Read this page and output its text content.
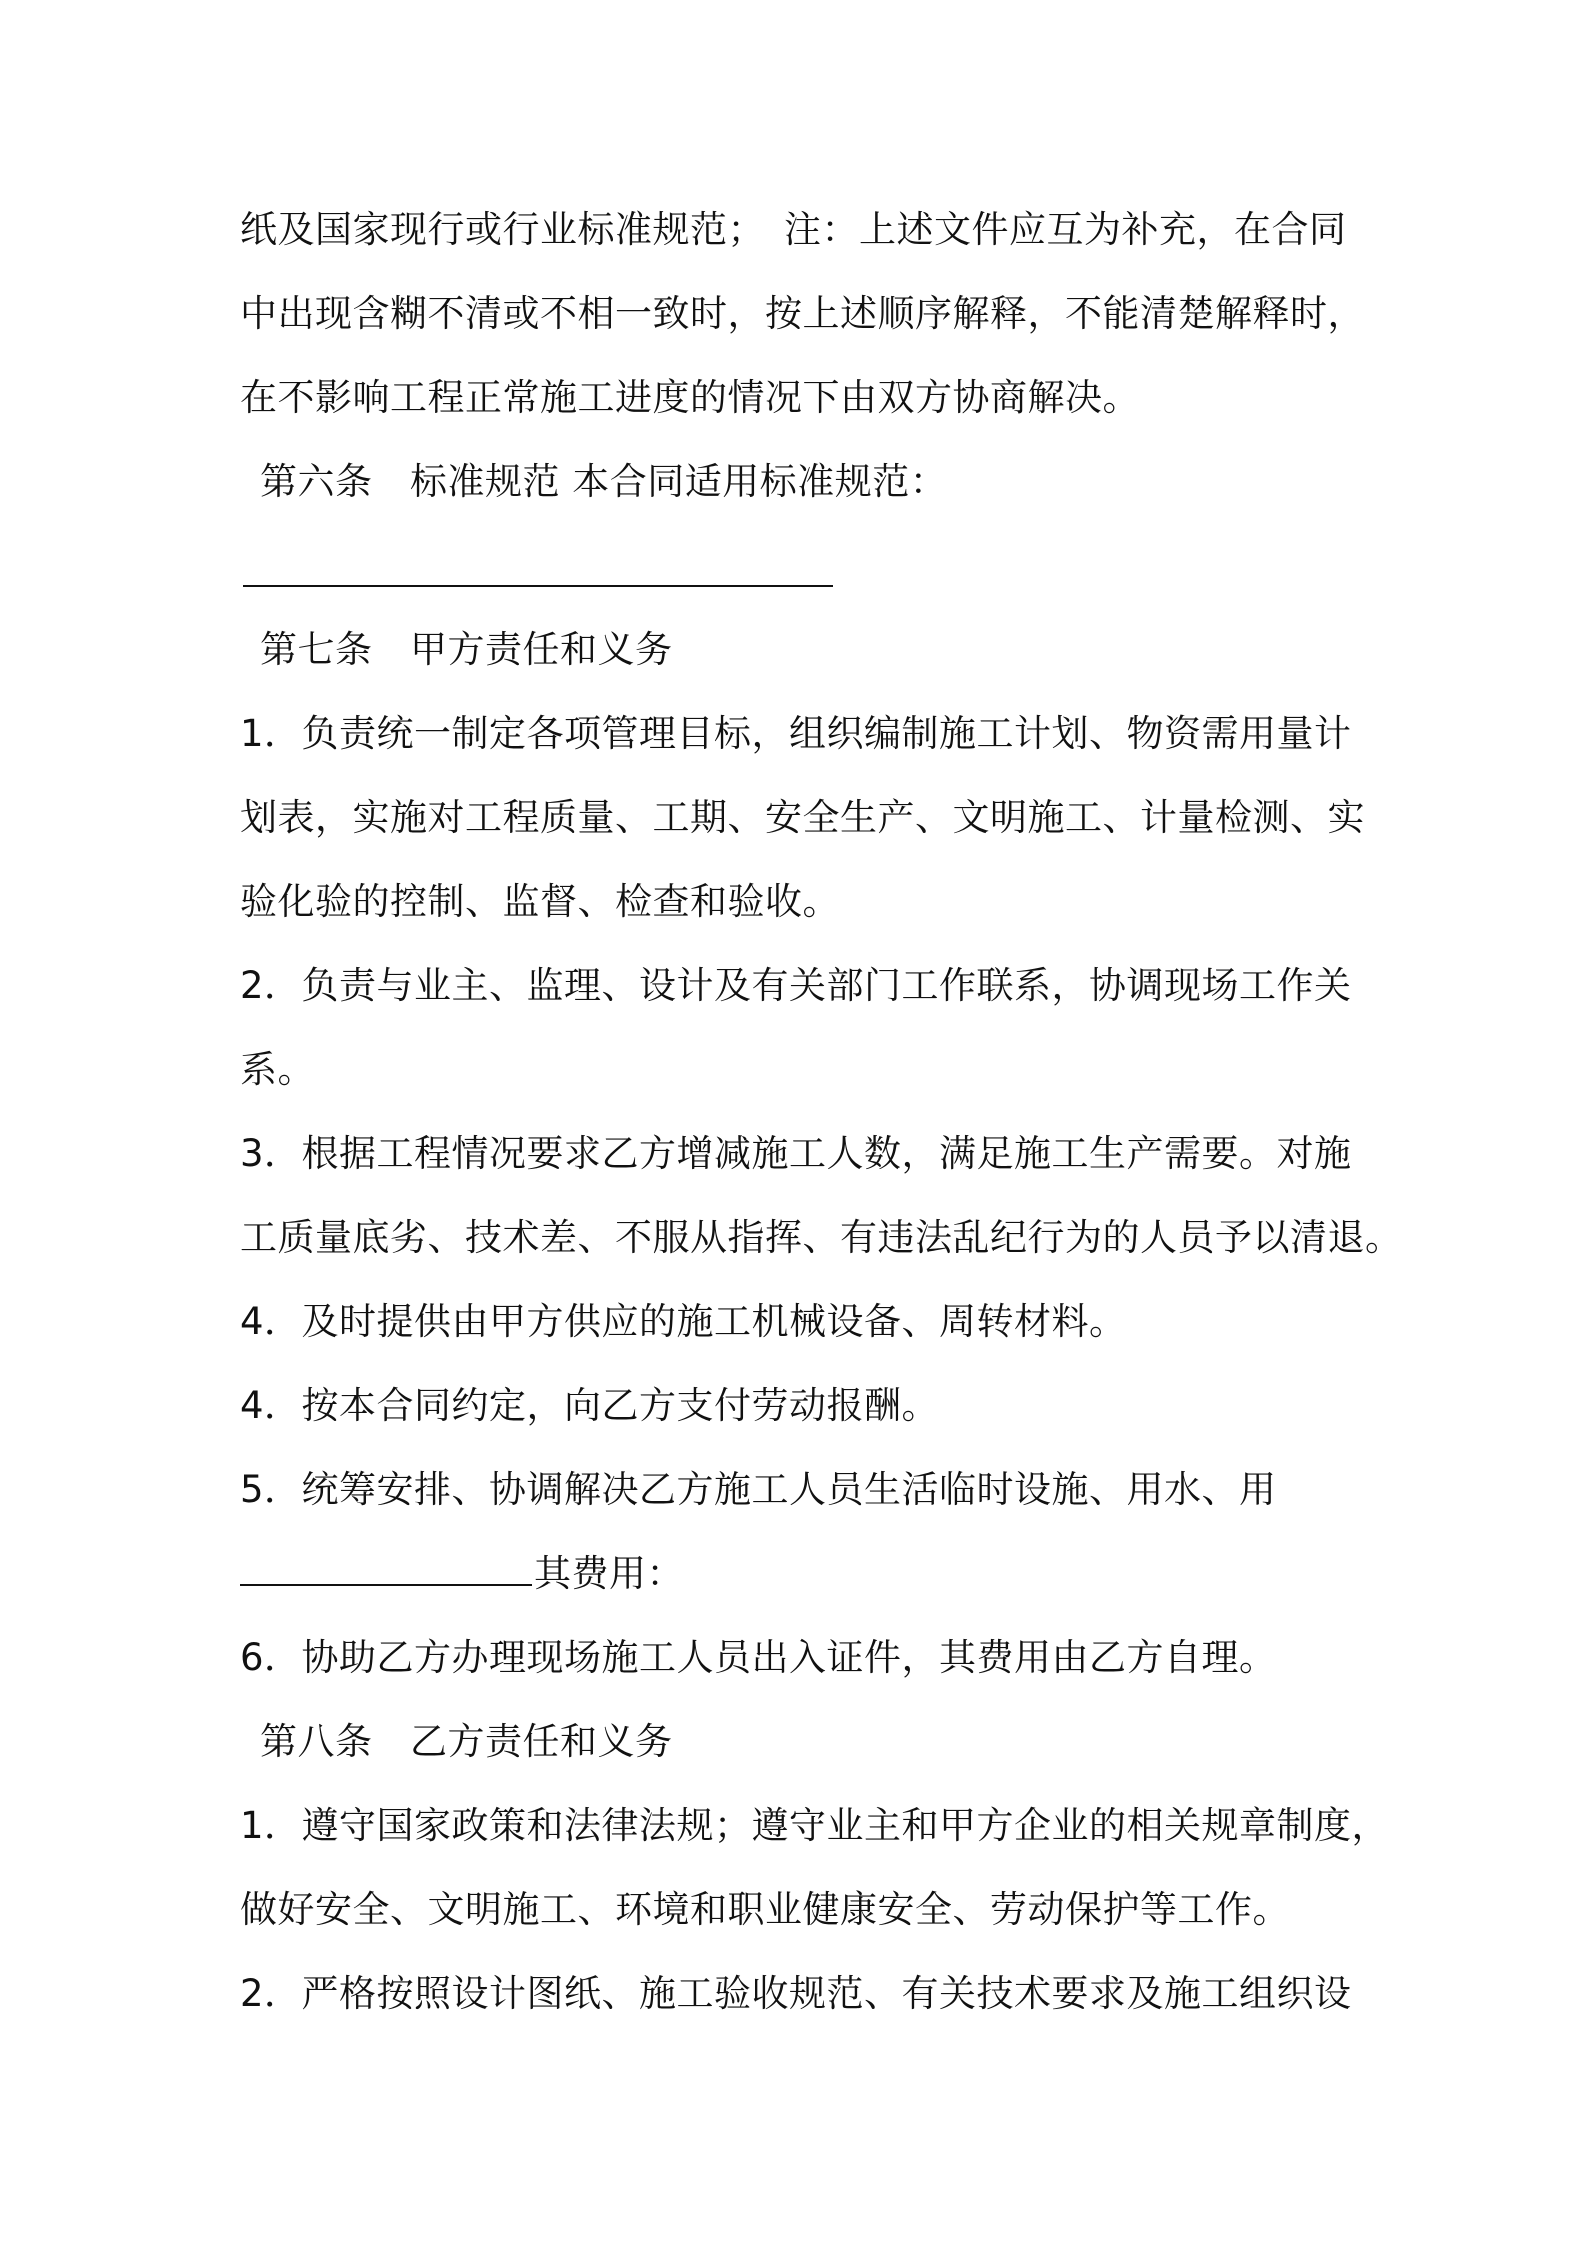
纸及国家现行或行业标准规范；　注：上述文件应互为补充，在合同
中出现含糊不清或不相一致时，按上述顺序解释，不能清楚解释时，
在不影响工程正常施工进度的情况下由双方协商解决。
第六条　标准规范 本合同适用标准规范：
第七条　甲方责任和义务
1．负责统一制定各项管理目标，组织编制施工计划、物资需用量计
划表，实施对工程质量、工期、安全生产、文明施工、计量检测、实
验化验的控制、监督、检查和验收。
2．负责与业主、监理、设计及有关部门工作联系，协调现场工作关
系。
3．根据工程情况要求乙方增减施工人数，满足施工生产需要。对施
工质量底劣、技术差、不服从指挥、有违法乱纪行为的人员予以清退。
4．及时提供由甲方供应的施工机械设备、周转材料。
4．按本合同约定，向乙方支付劳动报酬。
5．统筹安排、协调解决乙方施工人员生活临时设施、用水、用
其费用：
6．协助乙方办理现场施工人员出入证件，其费用由乙方自理。
第八条　乙方责任和义务
1．遵守国家政策和法律法规；遵守业主和甲方企业的相关规章制度，
做好安全、文明施工、环境和职业健康安全、劳动保护等工作。
2．严格按照设计图纸、施工验收规范、有关技术要求及施工组织设
